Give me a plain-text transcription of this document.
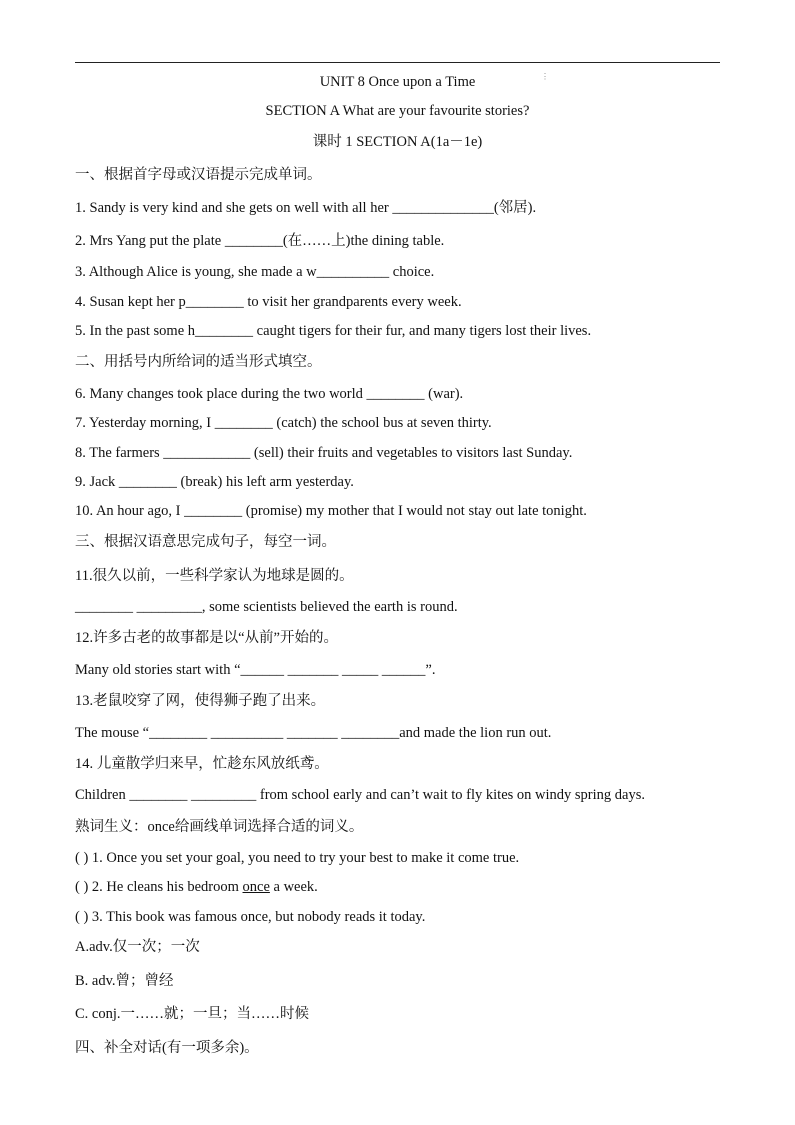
⋮
UNIT 8 Once upon a Time
SECTION A What are your favourite stories?
课时 1 SECTION A(1a－1e)
一、根据首字母或汉语提示完成单词。
1. Sandy is very kind and she gets on well with all her ______________(邻居).
2. Mrs Yang put the plate ________(在……上)the dining table.
3. Although Alice is young, she made a w__________ choice.
4. Susan kept her p________ to visit her grandparents every week.
5. In the past some h________ caught tigers for their fur, and many tigers lost their lives.
二、用括号内所给词的适当形式填空。
6. Many changes took place during the two world ________ (war).
7. Yesterday morning, I ________ (catch) the school bus at seven thirty.
8. The farmers ____________ (sell) their fruits and vegetables to visitors last Sunday.
9. Jack ________ (break) his left arm yesterday.
10. An hour ago, I ________ (promise) my mother that I would not stay out late tonight.
三、根据汉语意思完成句子，每空一词。
11.很久以前，一些科学家认为地球是圆的。
________ _________, some scientists believed the earth is round.
12.许多古老的故事都是以“从前”开始的。
Many old stories start with “______ _______ _____ ______”.
13.老鼠咬穿了网，使得狮子跑了出来。
The mouse “________ __________ _______ ________and made the lion run out.
14. 儿童散学归来早，忙趁东风放纸鸢。
Children ________ _________ from school early and can’t wait to fly kites on windy spring days.
熟词生义：once给画线单词选择合适的词义。
( ) 1. Once you set your goal, you need to try your best to make it come true.
( ) 2. He cleans his bedroom once a week.
( ) 3. This book was famous once, but nobody reads it today.
A.adv.仅一次；一次
B. adv.曾；曾经
C. conj.一……就；一旦；当……时候
四、补全对话(有一项多余)。
